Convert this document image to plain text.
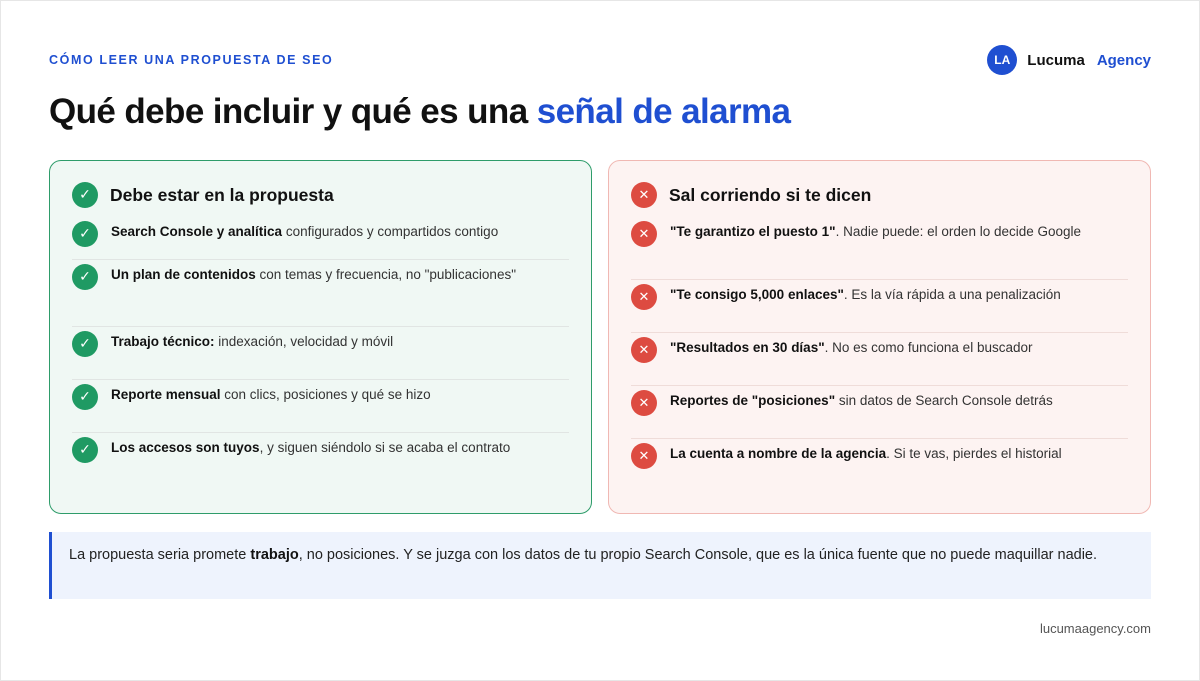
CÓMO LEER UNA PROPUESTA DE SEO	LA	Lucuma Agency
Qué debe incluir y qué es una señal de alarma
✓	Debe estar en la propuesta
✓	Search Console y analítica configurados y compartidos contigo
✓	Un plan de contenidos con temas y frecuencia, no "publicaciones"
✓	Trabajo técnico: indexación, velocidad y móvil
✓	Reporte mensual con clics, posiciones y qué se hizo
✓	Los accesos son tuyos, y siguen siéndolo si se acaba el contrato
✕	Sal corriendo si te dicen
✕	"Te garantizo el puesto 1". Nadie puede: el orden lo decide Google
✕	"Te consigo 5,000 enlaces". Es la vía rápida a una penalización
✕	"Resultados en 30 días". No es como funciona el buscador
✕	Reportes de "posiciones" sin datos de Search Console detrás
✕	La cuenta a nombre de la agencia. Si te vas, pierdes el historial
La propuesta seria promete trabajo, no posiciones. Y se juzga con los datos de tu propio Search Console, que es la única fuente que no puede maquillar nadie.
lucumaagency.com
